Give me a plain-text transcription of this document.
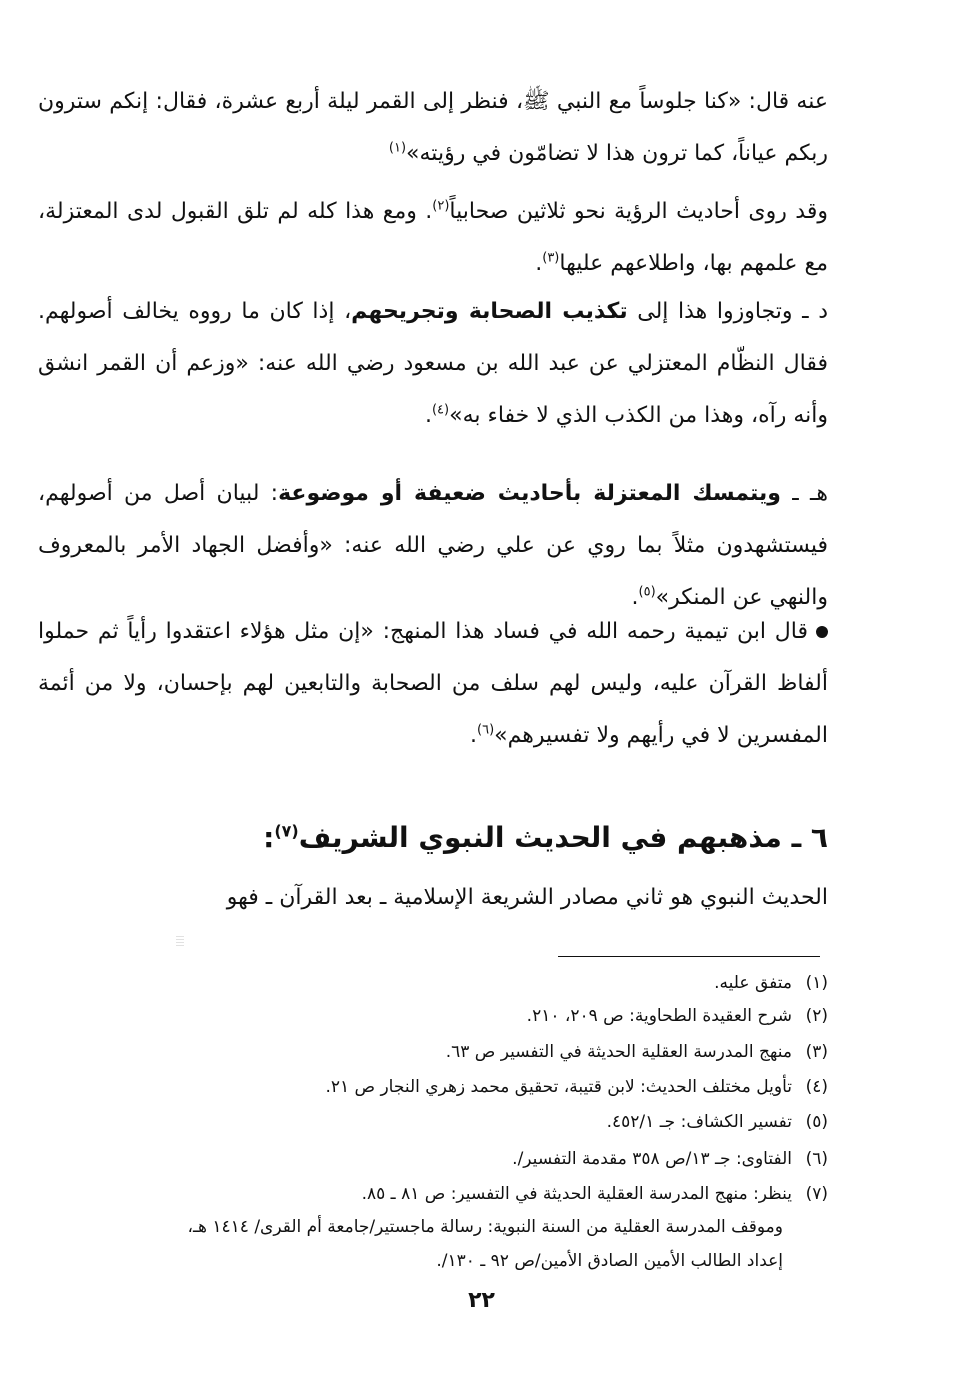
عنه قال: «كنا جلوساً مع النبي ﷺ، فنظر إلى القمر ليلة أربع عشرة، فقال: إنكم سترون ربكم عياناً، كما ترون هذا لا تضامّون في رؤيته»$^{(١)}$

وقد روى أحاديث الرؤية نحو ثلاثين صحابياً$^{(٢)}$. ومع هذا كله لم تلق القبول لدى المعتزلة، مع علمهم بها، واطلاعهم عليها$^{(٣)}$.

د ـ وتجاوزوا هذا إلى تكذيب الصحابة وتجريحهم، إذا كان ما رووه يخالف أصولهم. فقال النظّام المعتزلي عن عبد الله بن مسعود رضي الله عنه: «وزعم أن القمر انشق وأنه رآه، وهذا من الكذب الذي لا خفاء به»$^{(٤)}$.

هـ ـ ويتمسك المعتزلة بأحاديث ضعيفة أو موضوعة: لبيان أصل من أصولهم، فيستشهدون مثلاً بما روي عن علي رضي الله عنه: «وأفضل الجهاد الأمر بالمعروف والنهي عن المنكر»$^{(٥)}$.

قال ابن تيمية رحمه الله في فساد هذا المنهج: «إن مثل هؤلاء اعتقدوا رأياً ثم حملوا ألفاظ القرآن عليه، وليس لهم سلف من الصحابة والتابعين لهم بإحسان، ولا من أئمة المفسرين لا في رأيهم ولا تفسيرهم»$^{(٦)}$.

٦ ـ مذهبهم في الحديث النبوي الشريف$^{(٧)}$:

الحديث النبوي هو ثاني مصادر الشريعة الإسلامية ـ بعد القرآن ـ فهو

(١)متفق عليه.

(٢)شرح العقيدة الطحاوية: ص ٢٠٩، ٢١٠.

(٣)منهج المدرسة العقلية الحديثة في التفسير ص ٦٣.

(٤)تأويل مختلف الحديث: لابن قتيبة، تحقيق محمد زهري النجار ص ٢١.

(٥)تفسير الكشاف: جـ ٤٥٢/١.

(٦)الفتاوى: جـ ١٣/ص ٣٥٨ مقدمة التفسير/.

(٧)ينظر: منهج المدرسة العقلية الحديثة في التفسير: ص ٨١ ـ ٨٥.

وموقف المدرسة العقلية من السنة النبوية: رسالة ماجستير/جامعة أم القرى/ ١٤١٤ هـ،

إعداد الطالب الأمين الصادق الأمين/ص ٩٢ ـ ١٣٠/.

٢٢
